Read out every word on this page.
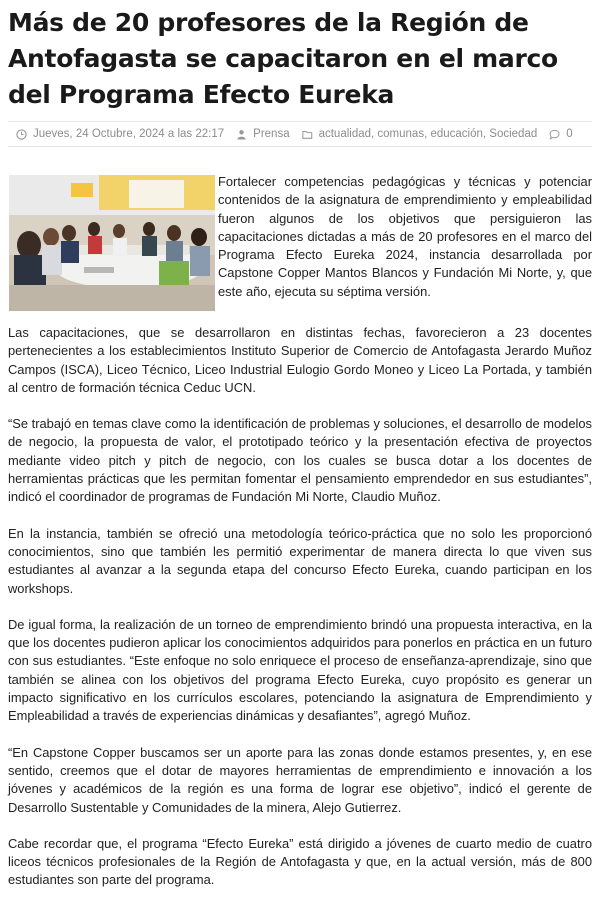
Más de 20 profesores de la Región de Antofagasta se capacitaron en el marco del Programa Efecto Eureka
Jueves, 24 Octubre, 2024 a las 22:17	Prensa	actualidad, comunas, educación, Sociedad	0

Fortalecer competencias pedagógicas y técnicas y potenciar contenidos de la asignatura de emprendimiento y empleabilidad fueron algunos de los objetivos que persiguieron las capacitaciones dictadas a más de 20 profesores en el marco del Programa Efecto Eureka 2024, instancia desarrollada por Capstone Copper Mantos Blancos y Fundación Mi Norte, y, que este año, ejecuta su séptima versión.

Las capacitaciones, que se desarrollaron en distintas fechas, favorecieron a 23 docentes pertenecientes a los establecimientos Instituto Superior de Comercio de Antofagasta Jerardo Muñoz Campos (ISCA), Liceo Técnico, Liceo Industrial Eulogio Gordo Moneo y Liceo La Portada, y también al centro de formación técnica Ceduc UCN.

“Se trabajó en temas clave como la identificación de problemas y soluciones, el desarrollo de modelos de negocio, la propuesta de valor, el prototipado teórico y la presentación efectiva de proyectos mediante video pitch y pitch de negocio, con los cuales se busca dotar a los docentes de herramientas prácticas que les permitan fomentar el pensamiento emprendedor en sus estudiantes”, indicó el coordinador de programas de Fundación Mi Norte, Claudio Muñoz.

En la instancia, también se ofreció una metodología teórico-práctica que no solo les proporcionó conocimientos, sino que también les permitió experimentar de manera directa lo que viven sus estudiantes al avanzar a la segunda etapa del concurso Efecto Eureka, cuando participan en los workshops.

De igual forma, la realización de un torneo de emprendimiento brindó una propuesta interactiva, en la que los docentes pudieron aplicar los conocimientos adquiridos para ponerlos en práctica en un futuro con sus estudiantes. “Este enfoque no solo enriquece el proceso de enseñanza-aprendizaje, sino que también se alinea con los objetivos del programa Efecto Eureka, cuyo propósito es generar un impacto significativo en los currículos escolares, potenciando la asignatura de Emprendimiento y Empleabilidad a través de experiencias dinámicas y desafiantes”, agregó Muñoz.

“En Capstone Copper buscamos ser un aporte para las zonas donde estamos presentes, y, en ese sentido, creemos que el dotar de mayores herramientas de emprendimiento e innovación a los jóvenes y académicos de la región es una forma de lograr ese objetivo”, indicó el gerente de Desarrollo Sustentable y Comunidades de la minera, Alejo Gutierrez.

Cabe recordar que, el programa “Efecto Eureka” está dirigido a jóvenes de cuarto medio de cuatro liceos técnicos profesionales de la Región de Antofagasta y que, en la actual versión, más de 800 estudiantes son parte del programa.
